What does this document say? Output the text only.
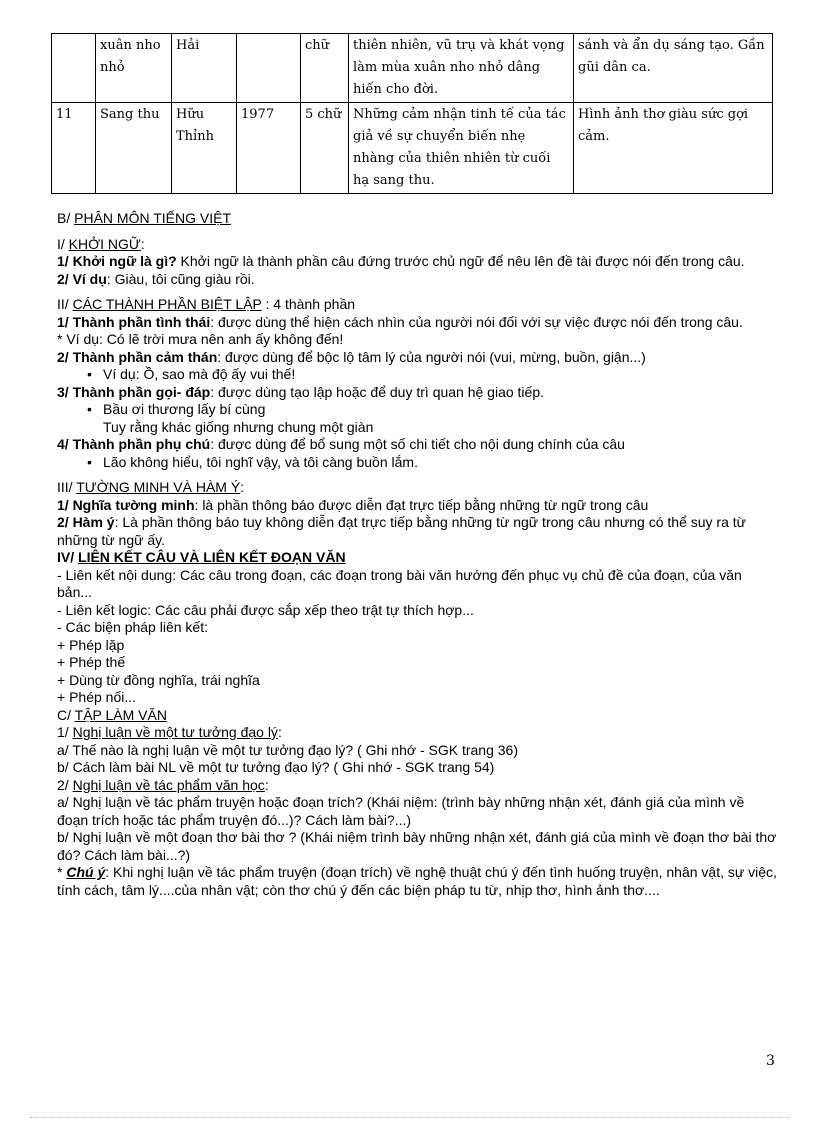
	xuân nho nhỏ	Hải		chữ	thiên nhiên, vũ trụ và khát vọng làm mùa xuân nho nhỏ dâng hiến cho đời.	sánh và ẩn dụ sáng tạo. Gần gũi dân ca.
11	Sang thu	Hữu Thỉnh	1977	5 chữ	Những cảm nhận tinh tế của tác giả về sự chuyển biến nhẹ nhàng của thiên nhiên từ cuối hạ sang thu.	Hình ảnh thơ giàu sức gợi cảm.

B/ PHÂN MÔN TIẾNG VIỆT

I/ KHỞI NGỮ:

1/ Khởi ngữ là gì? Khởi ngữ là thành phần câu đứng trước chủ ngữ để nêu lên đề tài được nói đến trong câu.

2/ Ví dụ: Giàu, tôi cũng giàu rồi.

II/ CÁC THÀNH PHẦN BIỆT LẬP : 4 thành phần

1/ Thành phần tình thái: được dùng thể hiện cách nhìn của người nói đối với sự việc được nói đến trong câu.

* Ví dụ: Có lẽ trời mưa nên anh ấy không đến!

2/ Thành phần cảm thán: được dùng để bộc lộ tâm lý của người nói (vui, mừng, buồn, giận...)

• Ví dụ: Ồ, sao mà độ ấy vui thế!

3/ Thành phần gọi- đáp: được dùng tạo lập hoặc để duy trì quan hệ giao tiếp.

• Bầu ơi thương lấy bí cùng

Tuy rằng khác giống nhưng chung một giàn

4/ Thành phần phụ chú: được dùng để bổ sung một số chi tiết cho nội dung chính của câu

• Lão không hiểu, tôi nghĩ vậy, và tôi càng buồn lắm.

III/ TƯỜNG MINH VÀ HÀM Ý:

1/ Nghĩa tường minh: là phần thông báo được diễn đạt trực tiếp bằng những từ ngữ trong câu

2/ Hàm ý: Là phần thông báo tuy không diễn đạt trực tiếp bằng những từ ngữ trong câu nhưng có thể suy ra từ những từ ngữ ấy.

IV/ LIÊN KẾT CÂU VÀ LIÊN KẾT ĐOẠN VĂN

- Liên kết nội dung: Các câu trong đoạn, các đoạn trong bài văn hướng đến phục vụ chủ đề của đoạn, của văn bản...

- Liên kết logic: Các câu phải được sắp xếp theo trật tự thích hợp...

- Các biện pháp liên kết:

+ Phép lặp

+ Phép thế

+ Dùng từ đồng nghĩa, trái nghĩa

+ Phép nối...

C/ TẬP LÀM VĂN

1/ Nghị luận về một tư tưởng đạo lý:

a/ Thế nào là nghị luận về một tư tưởng đạo lý? ( Ghi nhớ - SGK trang 36)

b/ Cách làm bài NL về một tư tưởng đạo lý? ( Ghi nhớ - SGK trang 54)

2/ Nghị luận về tác phẩm văn học:

a/ Nghị luận về tác phẩm truyện hoặc đoạn trích? (Khái niệm: (trình bày những nhận xét, đánh giá của mình về đoạn trích hoặc tác phẩm truyện đó...)? Cách làm bài?...)

b/ Nghị luận về một đoạn thơ bài thơ ? (Khái niệm trình bày những nhận xét, đánh giá của mình về đoạn thơ bài thơ đó? Cách làm bài...?)

* Chú ý: Khi nghị luận về tác phẩm truyện (đoạn trích) về nghệ thuật chú ý đến tình huống truyện, nhân vật, sự việc, tính cách, tâm lý....của nhân vật; còn thơ chú ý đến các biện pháp tu từ, nhịp thơ, hình ảnh thơ....

3
